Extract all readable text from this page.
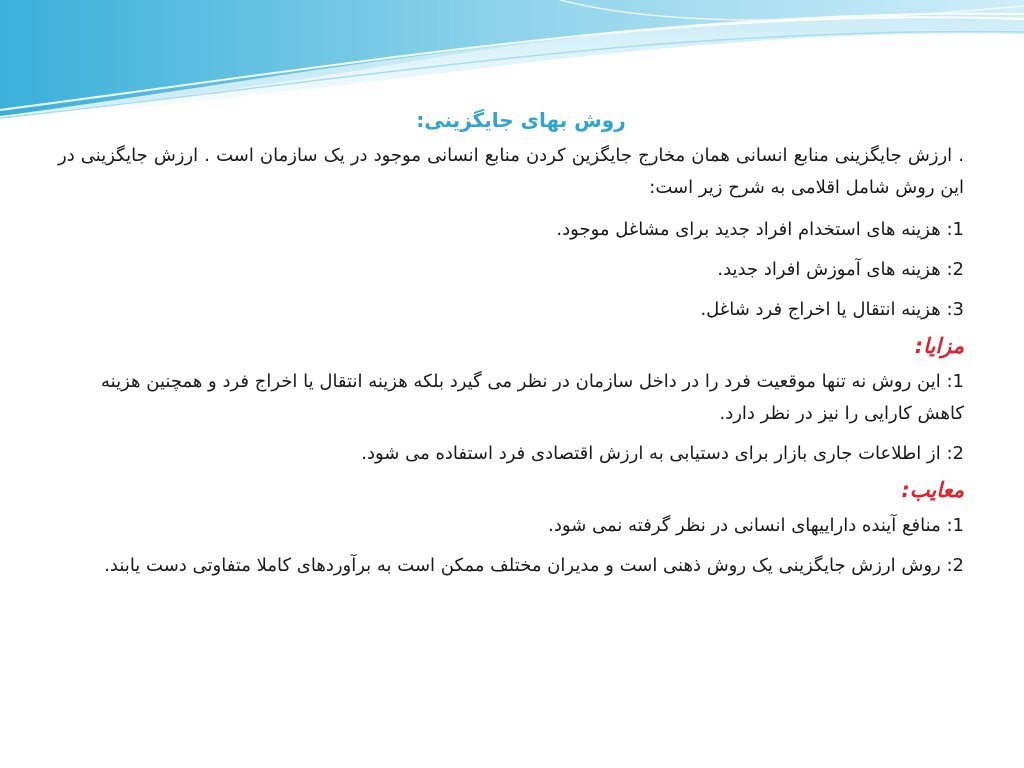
روش بهای جایگزینی:

. ارزش جایگزینی منابع انسانی همان مخارج جایگزین کردن منابع انسانی موجود در یک سازمان است . ارزش جایگزینی در این روش شامل اقلامی به شرح زیر است:

1: هزینه های استخدام افراد جدید برای مشاغل موجود.
2: هزینه های آموزش افراد جدید.
3: هزینه انتقال یا اخراج فرد شاغل.
مزایا:
1: این روش نه تنها موقعیت فرد را در داخل سازمان در نظر می گیرد بلکه هزینه انتقال یا اخراج فرد و همچنین هزینه کاهش کارایی را نیز در نظر دارد.
2: از اطلاعات جاری بازار برای دستیابی به ارزش اقتصادی فرد استفاده می شود.
معایب:
1: منافع آینده داراییهای انسانی در نظر گرفته نمی شود.
2: روش ارزش جایگزینی یک روش ذهنی است و مدیران مختلف ممکن است به برآوردهای کاملا متفاوتی دست یابند.
